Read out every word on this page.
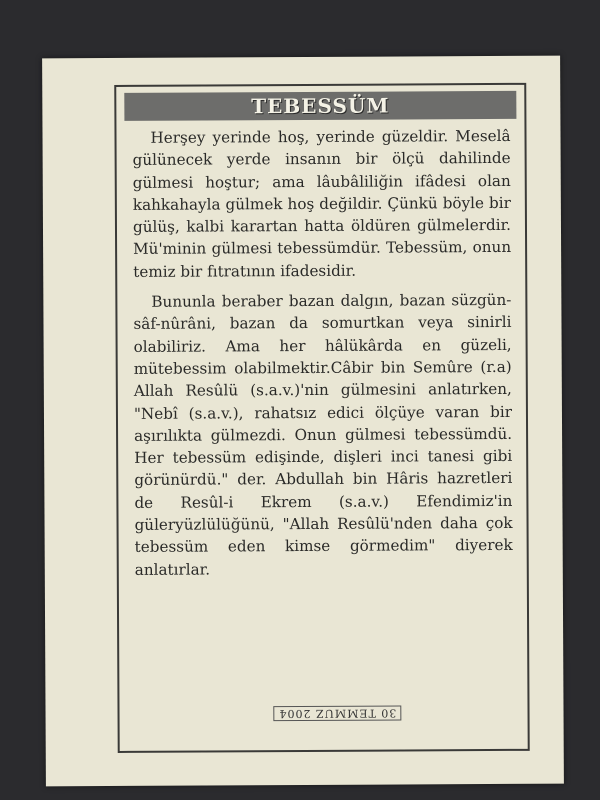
TEBESSÜM

Herşey yerinde hoş, yerinde güzeldir. Meselâ gülünecek yerde insanın bir ölçü dahilinde gülmesi hoştur; ama lâubâliliğin ifâdesi olan kahkahayla gülmek hoş değildir. Çünkü böyle bir gülüş, kalbi karartan hatta öldüren gülmelerdir. Mü'minin gülmesi tebessümdür. Tebessüm, onun temiz bir fıtratının ifadesidir.

Bununla beraber bazan dalgın, bazan süzgün-sâf-nûrâni, bazan da somurtkan veya sinirli olabiliriz. Ama her hâlükârda en güzeli, mütebessim olabilmektir.Câbir bin Semûre (r.a) Allah Resûlü (s.a.v.)'nin gülmesini anlatırken, "Nebî (s.a.v.), rahatsız edici ölçüye varan bir aşırılıkta gülmezdi. Onun gülmesi tebessümdü. Her tebessüm edişinde, dişleri inci tanesi gibi görünürdü." der. Abdullah bin Hâris hazretleri de Resûl-i Ekrem (s.a.v.) Efendimiz'in güleryüzlülüğünü, "Allah Resûlü'nden daha çok tebessüm eden kimse görmedim" diyerek anlatırlar.

30 TEMMUZ 2004
